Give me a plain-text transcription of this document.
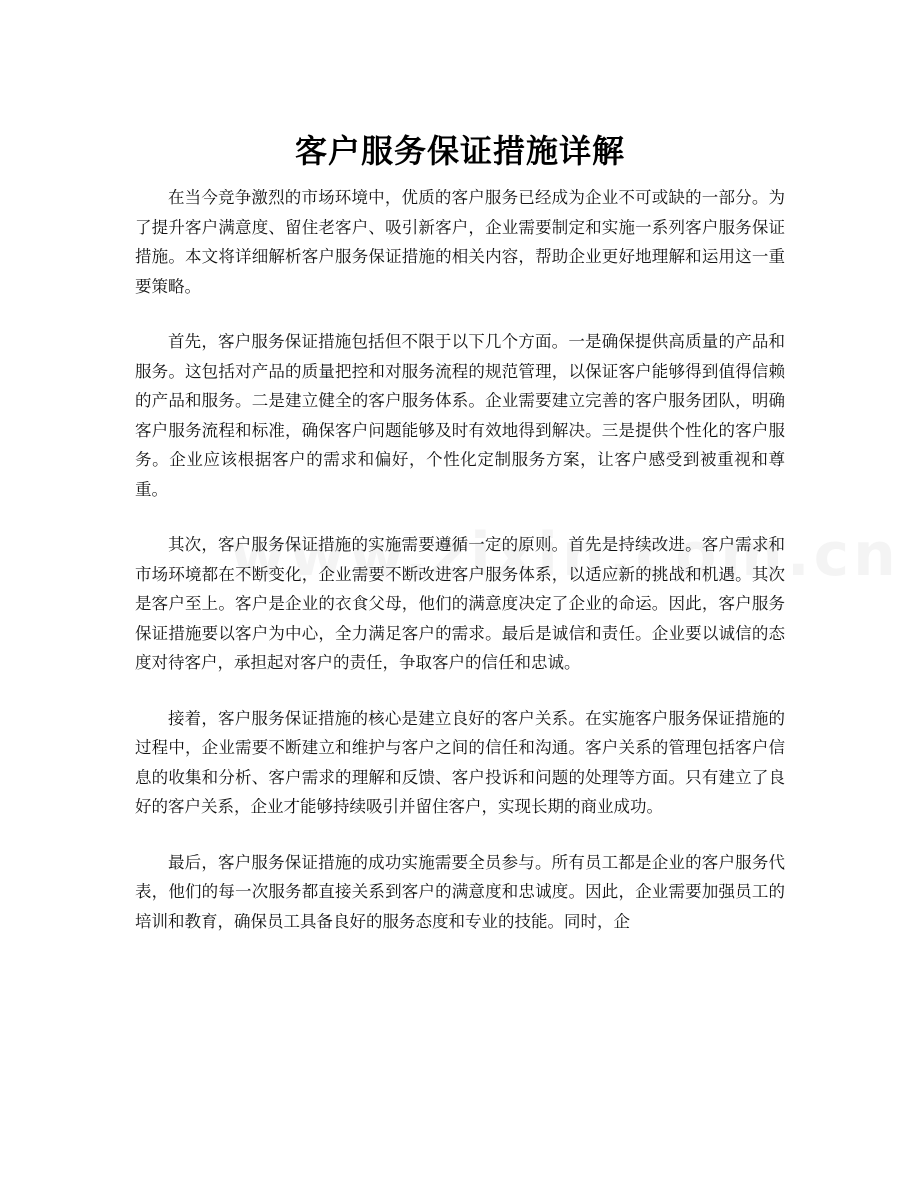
客户服务保证措施详解

在当今竞争激烈的市场环境中，优质的客户服务已经成为企业不可或缺的一部分。为了提升客户满意度、留住老客户、吸引新客户，企业需要制定和实施一系列客户服务保证措施。本文将详细解析客户服务保证措施的相关内容，帮助企业更好地理解和运用这一重要策略。

首先，客户服务保证措施包括但不限于以下几个方面。一是确保提供高质量的产品和服务。这包括对产品的质量把控和对服务流程的规范管理，以保证客户能够得到值得信赖的产品和服务。二是建立健全的客户服务体系。企业需要建立完善的客户服务团队，明确客户服务流程和标准，确保客户问题能够及时有效地得到解决。三是提供个性化的客户服务。企业应该根据客户的需求和偏好，个性化定制服务方案，让客户感受到被重视和尊重。

其次，客户服务保证措施的实施需要遵循一定的原则。首先是持续改进。客户需求和市场环境都在不断变化，企业需要不断改进客户服务体系，以适应新的挑战和机遇。其次是客户至上。客户是企业的衣食父母，他们的满意度决定了企业的命运。因此，客户服务保证措施要以客户为中心，全力满足客户的需求。最后是诚信和责任。企业要以诚信的态度对待客户，承担起对客户的责任，争取客户的信任和忠诚。

接着，客户服务保证措施的核心是建立良好的客户关系。在实施客户服务保证措施的过程中，企业需要不断建立和维护与客户之间的信任和沟通。客户关系的管理包括客户信息的收集和分析、客户需求的理解和反馈、客户投诉和问题的处理等方面。只有建立了良好的客户关系，企业才能够持续吸引并留住客户，实现长期的商业成功。

最后，客户服务保证措施的成功实施需要全员参与。所有员工都是企业的客户服务代表，他们的每一次服务都直接关系到客户的满意度和忠诚度。因此，企业需要加强员工的培训和教育，确保员工具备良好的服务态度和专业的技能。同时，企
